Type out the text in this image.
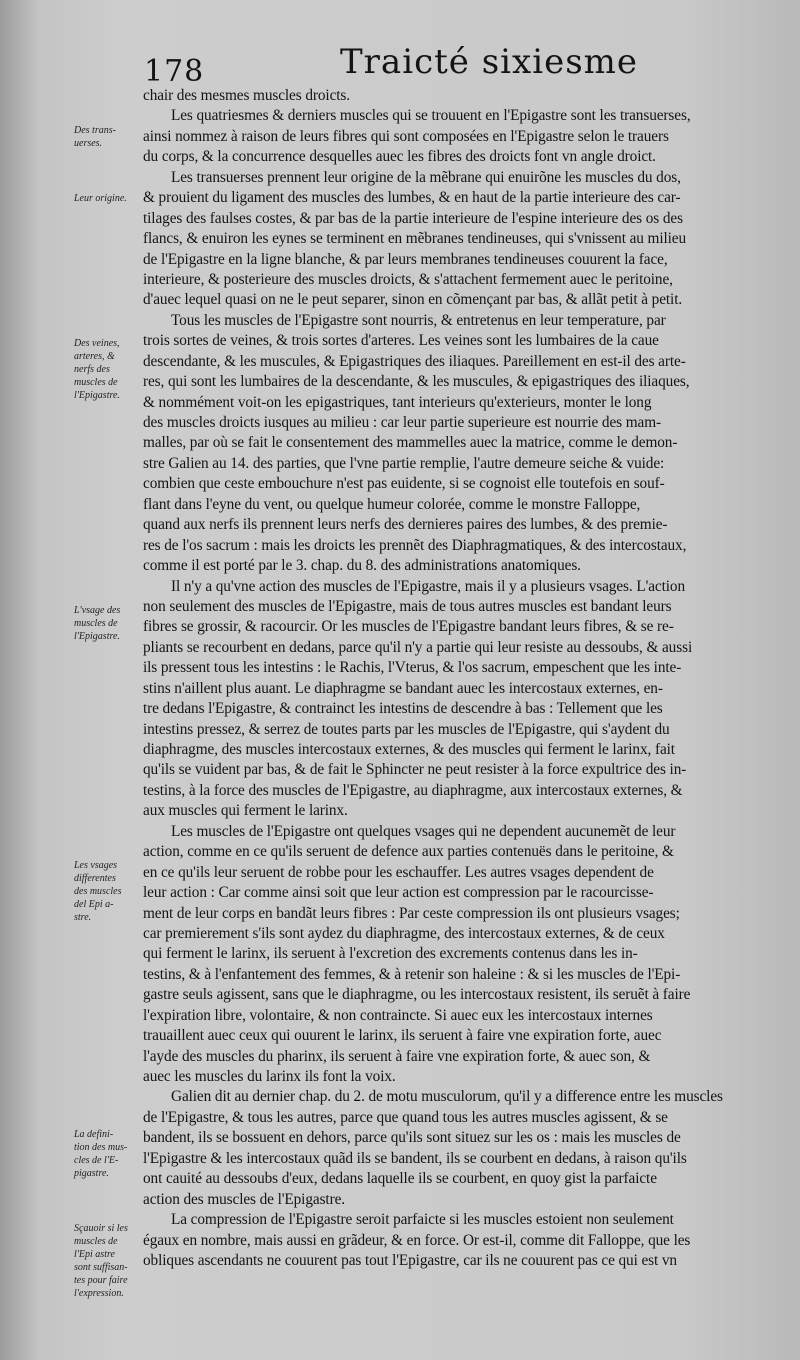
178	Traicté sixiesme
Des trans-
uerses.
Leur origine.
Des veines,
arteres, &
nerfs des
muscles de
l'Epigastre.
L'vsage des
muscles de
l'Epigastre.
Les vsages
differentes
des muscles
del Epi a-
stre.
La defini-
tion des mus-
cles de l'E-
pigastre.
Sçauoir si les
muscles de
l'Epi astre
sont suffisan-
tes pour faire
l'expression.
chair des mesmes muscles droicts.
Les quatriesmes & derniers muscles qui se trouuent en l'Epigastre sont les transuerses,
ainsi nommez à raison de leurs fibres qui sont composées en l'Epigastre selon le trauers
du corps, & la concurrence desquelles auec les fibres des droicts font vn angle droict.
Les transuerses prennent leur origine de la mẽbrane qui enuirõne les muscles du dos,
& prouient du ligament des muscles des lumbes, & en haut de la partie interieure des car-
tilages des faulses costes, & par bas de la partie interieure de l'espine interieure des os des
flancs, & enuiron les eynes se terminent en mẽbranes tendineuses, qui s'vnissent au milieu
de l'Epigastre en la ligne blanche, & par leurs membranes tendineuses couurent la face,
interieure, & posterieure des muscles droicts, & s'attachent fermement auec le peritoine,
d'auec lequel quasi on ne le peut separer, sinon en cõmençant par bas, & allãt petit à petit.
Tous les muscles de l'Epigastre sont nourris, & entretenus en leur temperature, par
trois sortes de veines, & trois sortes d'arteres. Les veines sont les lumbaires de la caue
descendante, & les muscules, & Epigastriques des iliaques. Pareillement en est-il des arte-
res, qui sont les lumbaires de la descendante, & les muscules, & epigastriques des iliaques,
& nommément voit-on les epigastriques, tant interieurs qu'exterieurs, monter le long
des muscles droicts iusques au milieu : car leur partie superieure est nourrie des mam-
malles, par où se fait le consentement des mammelles auec la matrice, comme le demon-
stre Galien au 14. des parties, que l'vne partie remplie, l'autre demeure seiche & vuide:
combien que ceste embouchure n'est pas euidente, si se cognoist elle toutefois en souf-
flant dans l'eyne du vent, ou quelque humeur colorée, comme le monstre Falloppe,
quand aux nerfs ils prennent leurs nerfs des dernieres paires des lumbes, & des premie-
res de l'os sacrum : mais les droicts les prennẽt des Diaphragmatiques, & des intercostaux,
comme il est porté par le 3. chap. du 8. des administrations anatomiques.
Il n'y a qu'vne action des muscles de l'Epigastre, mais il y a plusieurs vsages. L'action
non seulement des muscles de l'Epigastre, mais de tous autres muscles est bandant leurs
fibres se grossir, & racourcir. Or les muscles de l'Epigastre bandant leurs fibres, & se re-
pliants se recourbent en dedans, parce qu'il n'y a partie qui leur resiste au dessoubs, & aussi
ils pressent tous les intestins : le Rachis, l'Vterus, & l'os sacrum, empeschent que les inte-
stins n'aillent plus auant. Le diaphragme se bandant auec les intercostaux externes, en-
tre dedans l'Epigastre, & contrainct les intestins de descendre à bas : Tellement que les
intestins pressez, & serrez de toutes parts par les muscles de l'Epigastre, qui s'aydent du
diaphragme, des muscles intercostaux externes, & des muscles qui ferment le larinx, fait
qu'ils se vuident par bas, & de fait le Sphincter ne peut resister à la force expultrice des in-
testins, à la force des muscles de l'Epigastre, au diaphragme, aux intercostaux externes, &
aux muscles qui ferment le larinx.
Les muscles de l'Epigastre ont quelques vsages qui ne dependent aucunemẽt de leur
action, comme en ce qu'ils seruent de defence aux parties contenuës dans le peritoine, &
en ce qu'ils leur seruent de robbe pour les eschauffer. Les autres vsages dependent de
leur action : Car comme ainsi soit que leur action est compression par le racourcisse-
ment de leur corps en bandãt leurs fibres : Par ceste compression ils ont plusieurs vsages;
car premierement s'ils sont aydez du diaphragme, des intercostaux externes, & de ceux
qui ferment le larinx, ils seruent à l'excretion des excrements contenus dans les in-
testins, & à l'enfantement des femmes, & à retenir son haleine : & si les muscles de l'Epi-
gastre seuls agissent, sans que le diaphragme, ou les intercostaux resistent, ils seruẽt à faire
l'expiration libre, volontaire, & non contraincte. Si auec eux les intercostaux internes
trauaillent auec ceux qui ouurent le larinx, ils seruent à faire vne expiration forte, auec
l'ayde des muscles du pharinx, ils seruent à faire vne expiration forte, & auec son, &
auec les muscles du larinx ils font la voix.
Galien dit au dernier chap. du 2. de motu musculorum, qu'il y a difference entre les muscles
de l'Epigastre, & tous les autres, parce que quand tous les autres muscles agissent, & se
bandent, ils se bossuent en dehors, parce qu'ils sont situez sur les os : mais les muscles de
l'Epigastre & les intercostaux quãd ils se bandent, ils se courbent en dedans, à raison qu'ils
ont cauité au dessoubs d'eux, dedans laquelle ils se courbent, en quoy gist la parfaicte
action des muscles de l'Epigastre.
La compression de l'Epigastre seroit parfaicte si les muscles estoient non seulement
égaux en nombre, mais aussi en grãdeur, & en force. Or est-il, comme dit Falloppe, que les
obliques ascendants ne couurent pas tout l'Epigastre, car ils ne couurent pas ce qui est vn
